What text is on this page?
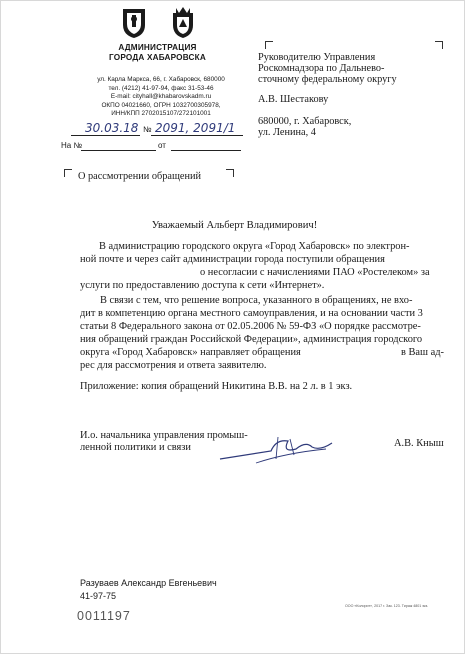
АДМИНИСТРАЦИЯ
ГОРОДА ХАБАРОВСКА
ул. Карла Маркса, 66, г. Хабаровск, 680000
тел. (4212) 41-97-94, факс 31-53-46
E-mail: cityhall@khabarovskadm.ru
ОКПО 04021660, ОГРН 1032700305978,
ИНН/КПП 2702015107/272101001
30.03.18 № 2091, 2091/1
На №	от
Руководителю Управления
Роскомнадзора по Дальнево-
сточному федеральному округу
А.В. Шестакову
680000, г. Хабаровск,
ул. Ленина, 4
О рассмотрении обращений
Уважаемый Альберт Владимирович!
В администрацию городского округа «Город Хабаровск» по электрон-
ной почте и через сайт администрации города поступили обращения
о несогласии с начислениями ПАО «Ростелеком» за
услуги по предоставлению доступа к сети «Интернет».
В связи с тем, что решение вопроса, указанного в обращениях, не вхо-
дит в компетенцию органа местного самоуправления, и на основании части 3
статьи 8 Федерального закона от 02.05.2006 № 59-ФЗ «О порядке рассмотре-
ния обращений граждан Российской Федерации», администрация городского
округа «Город Хабаровск» направляет обращения	в Ваш ад-
рес для рассмотрения и ответа заявителю.
Приложение: копия обращений Никитина В.В. на 2 л. в 1 экз.
И.о. начальника управления промыш-
ленной политики и связи	А.В. Кныш
Разуваев Александр Евгеньевич
41-97-75
0011197
ООО «Колорит», 2017 г. Зак. 123. Тираж 4801 экз.
